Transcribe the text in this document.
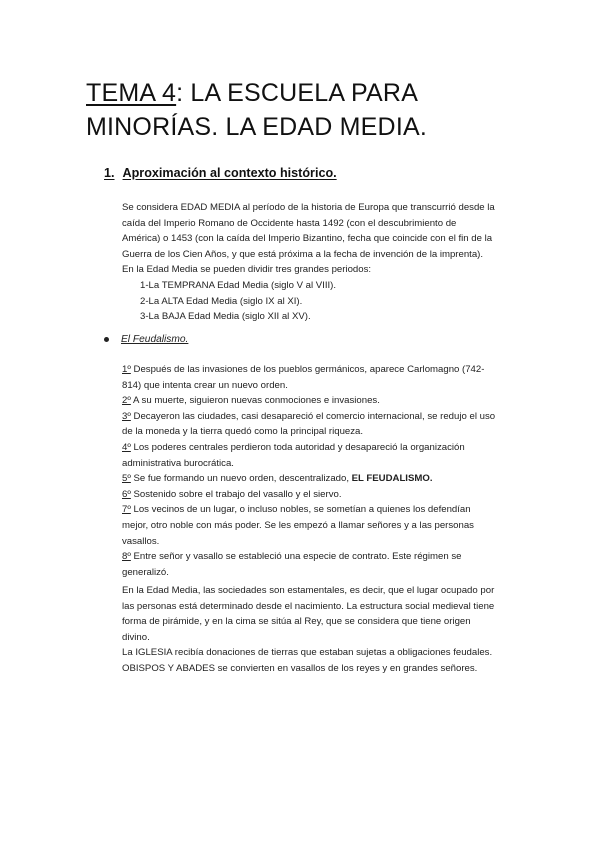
TEMA 4: LA ESCUELA PARA
MINORÍAS. LA EDAD MEDIA.
1. Aproximación al contexto histórico.

Se considera EDAD MEDIA al período de la historia de Europa que transcurrió desde la

caída del Imperio Romano de Occidente hasta 1492 (con el descubrimiento de

América) o 1453 (con la caída del Imperio Bizantino, fecha que coincide con el fin de la

Guerra de los Cien Años, y que está próxima a la fecha de invención de la imprenta).

En la Edad Media se pueden dividir tres grandes periodos:

1-La TEMPRANA Edad Media (siglo V al VIII).

2-La ALTA Edad Media (siglo IX al XI).

3-La BAJA Edad Media (siglo XII al XV).

El Feudalismo.

1º Después de las invasiones de los pueblos germánicos, aparece Carlomagno (742-
814) que intenta crear un nuevo orden.

2º A su muerte, siguieron nuevas conmociones e invasiones.

3º Decayeron las ciudades, casi desapareció el comercio internacional, se redujo el uso
de la moneda y la tierra quedó como la principal riqueza.

4º Los poderes centrales perdieron toda autoridad y desapareció la organización
administrativa burocrática.

5º Se fue formando un nuevo orden, descentralizado, EL FEUDALISMO.

6º Sostenido sobre el trabajo del vasallo y el siervo.

7º Los vecinos de un lugar, o incluso nobles, se sometían a quienes los defendían
mejor, otro noble con más poder. Se les empezó a llamar señores y a las personas
vasallos.

8º Entre señor y vasallo se estableció una especie de contrato. Este régimen se
generalizó.

En la Edad Media, las sociedades son estamentales, es decir, que el lugar ocupado por

las personas está determinado desde el nacimiento. La estructura social medieval tiene

forma de pirámide, y en la cima se sitúa al Rey, que se considera que tiene origen

divino.

La IGLESIA recibía donaciones de tierras que estaban sujetas a obligaciones feudales.

OBISPOS Y ABADES se convierten en vasallos de los reyes y en grandes señores.
